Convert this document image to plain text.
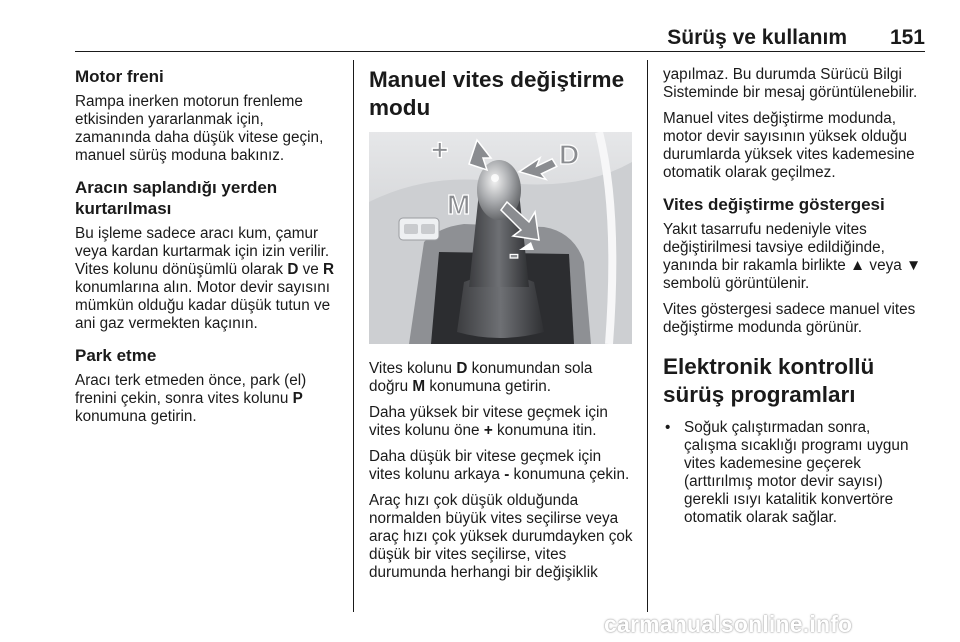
Sürüş ve kullanım 151
Motor freni

Rampa inerken motorun frenleme etkisinden yararlanmak için, zamanında daha düşük vitese geçin, manuel sürüş moduna bakınız.

Aracın saplandığı yerden kurtarılması

Bu işleme sadece aracı kum, çamur veya kardan kurtarmak için izin verilir. Vites kolunu dönüşümlü olarak D ve R konumlarına alın. Motor devir sayısını mümkün olduğu kadar düşük tutun ve ani gaz vermekten kaçının.

Park etme

Aracı terk etmeden önce, park (el) frenini çekin, sonra vites kolunu P konumuna getirin.

Manuel vites değiştirme modu
+	D
M
-

Vites kolunu D konumundan sola doğru M konumuna getirin.

Daha yüksek bir vitese geçmek için vites kolunu öne + konumuna itin.

Daha düşük bir vitese geçmek için vites kolunu arkaya - konumuna çekin.

Araç hızı çok düşük olduğunda normalden büyük vites seçilirse veya araç hızı çok yüksek durumdayken çok düşük bir vites seçilirse, vites durumunda herhangi bir değişiklik

yapılmaz. Bu durumda Sürücü Bilgi Sisteminde bir mesaj görüntülenebilir.

Manuel vites değiştirme modunda, motor devir sayısının yüksek olduğu durumlarda yüksek vites kademesine otomatik olarak geçilmez.

Vites değiştirme göstergesi

Yakıt tasarrufu nedeniyle vites değiştirilmesi tavsiye edildiğinde, yanında bir rakamla birlikte ▲ veya ▼ sembolü görüntülenir.

Vites göstergesi sadece manuel vites değiştirme modunda görünür.

Elektronik kontrollü sürüş programları
• Soğuk çalıştırmadan sonra, çalışma sıcaklığı programı uygun vites kademesine geçerek (arttırılmış motor devir sayısı) gerekli ısıyı katalitik konvertöre otomatik olarak sağlar.
carmanualsonline.info
